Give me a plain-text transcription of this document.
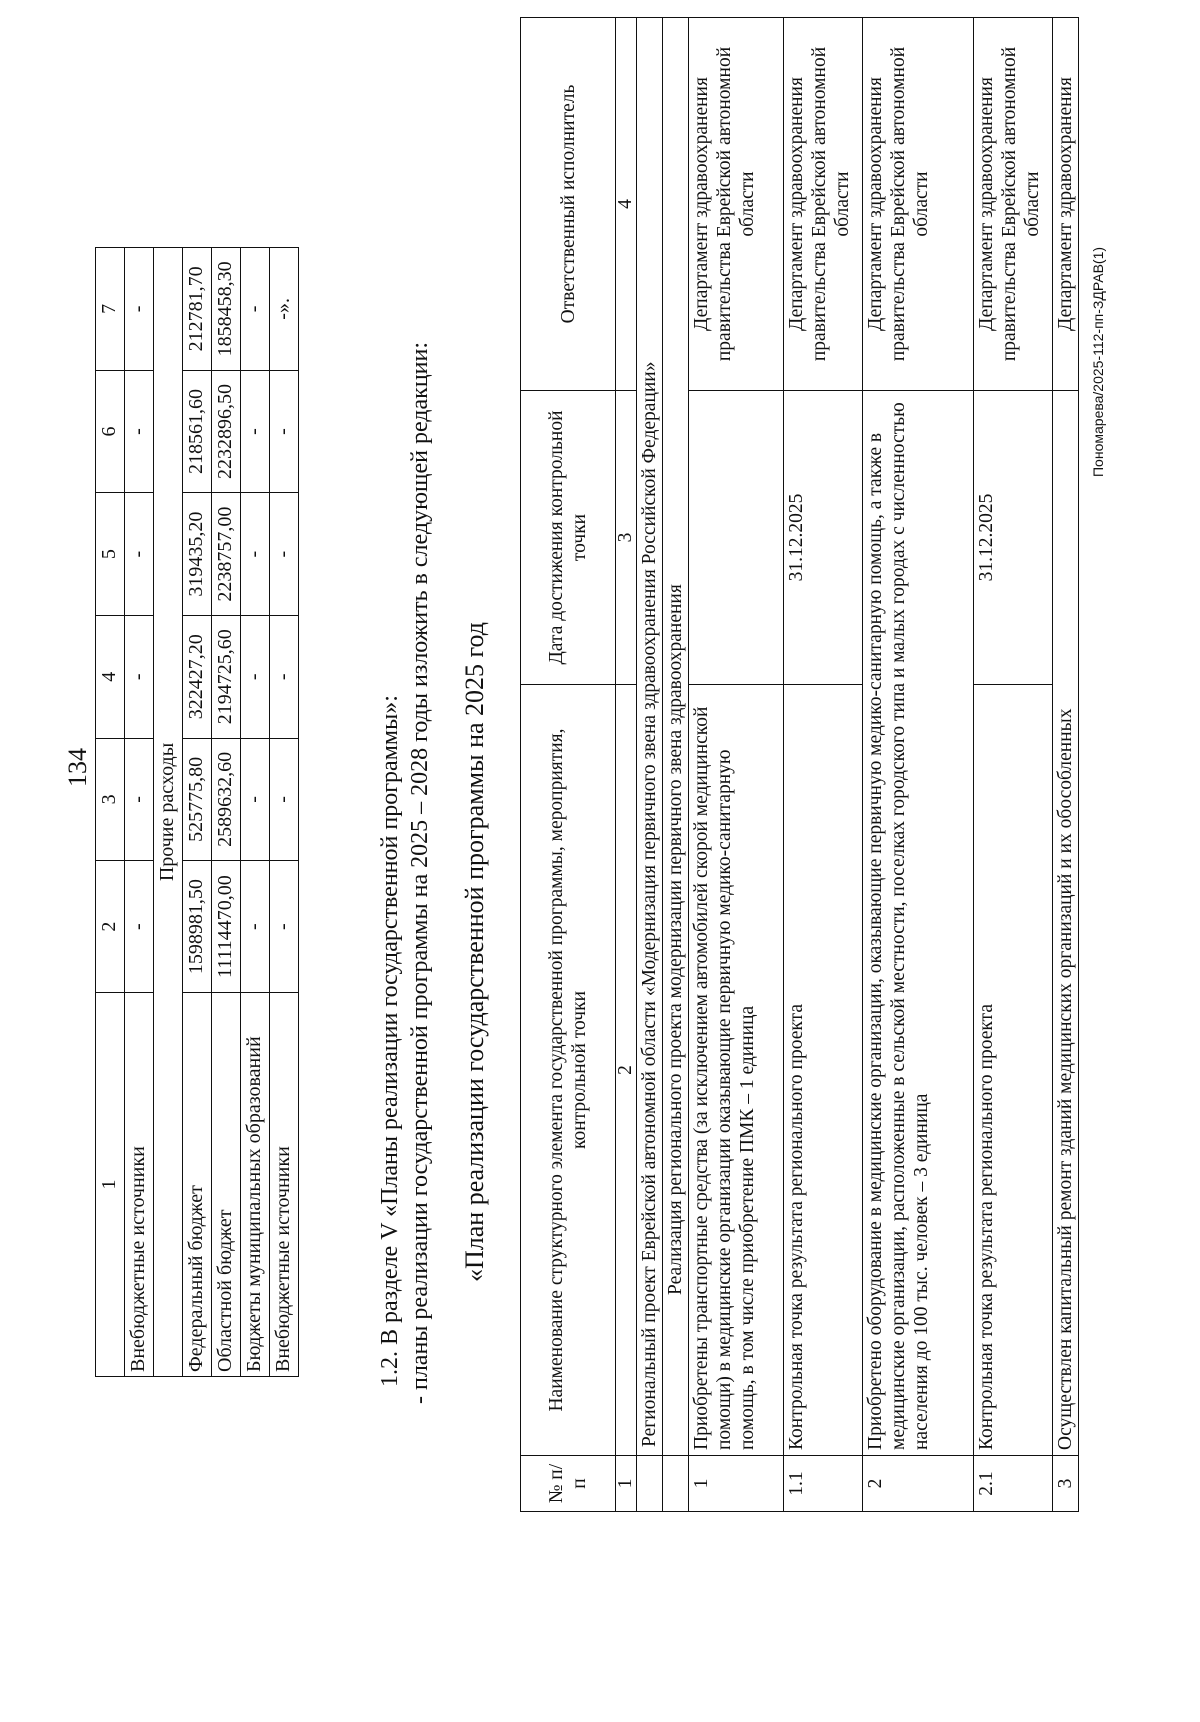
134
1	2	3	4	5	6	7
Внебюджетные источники	-	-	-	-	-	-
Прочие расходы						
Федеральный бюджет	1598981,50	525775,80	322427,20	319435,20	218561,60	212781,70
Областной бюджет	11114470,00	2589632,60	2194725,60	2238757,00	2232896,50	1858458,30
Бюджеты муниципальных образований	-	-	-	-	-	-
Внебюджетные источники	-	-	-	-	-	-».
1.2. В разделе V «Планы реализации государственной программы»: - планы реализации государственной программы на 2025 – 2028 годы изложить в следующей редакции: «План реализации государственной программы на 2025 год
№ п/п	Наименование структурного элемента государственной программы, мероприятия, контрольной точки	Дата достижения контрольной точки	Ответственный исполнитель
1	2	3	4
	Региональный проект Еврейской автономной области «Модернизация первичного звена здравоохранения Российской Федерации»		
	Реализация регионального проекта модернизации первичного звена здравоохранения		
1	Приобретены транспортные средства (за исключением автомобилей скорой медицинской помощи) в медицинские организации оказывающие первичную медико-санитарную помощь, в том числе приобретение ПМК – 1 единица		Департамент здравоохранения правительства Еврейской автономной области
1.1	Контрольная точка результата регионального проекта	31.12.2025	Департамент здравоохранения правительства Еврейской автономной области
2	Приобретено оборудование в медицинские организации, оказывающие первичную медико-санитарную помощь, а также в медицинские организации, расположенные в сельской местности, поселках городского типа и малых городах с численностью населения до 100 тыс. человек – 3 единица		Департамент здравоохранения правительства Еврейской автономной области
2.1	Контрольная точка результата регионального проекта	31.12.2025	Департамент здравоохранения правительства Еврейской автономной области
3	Осуществлен капитальный ремонт зданий медицинских организаций и их обособленных		Департамент здравоохранения
Пономарева/2025-112-пп-ЗДРАВ(1)
